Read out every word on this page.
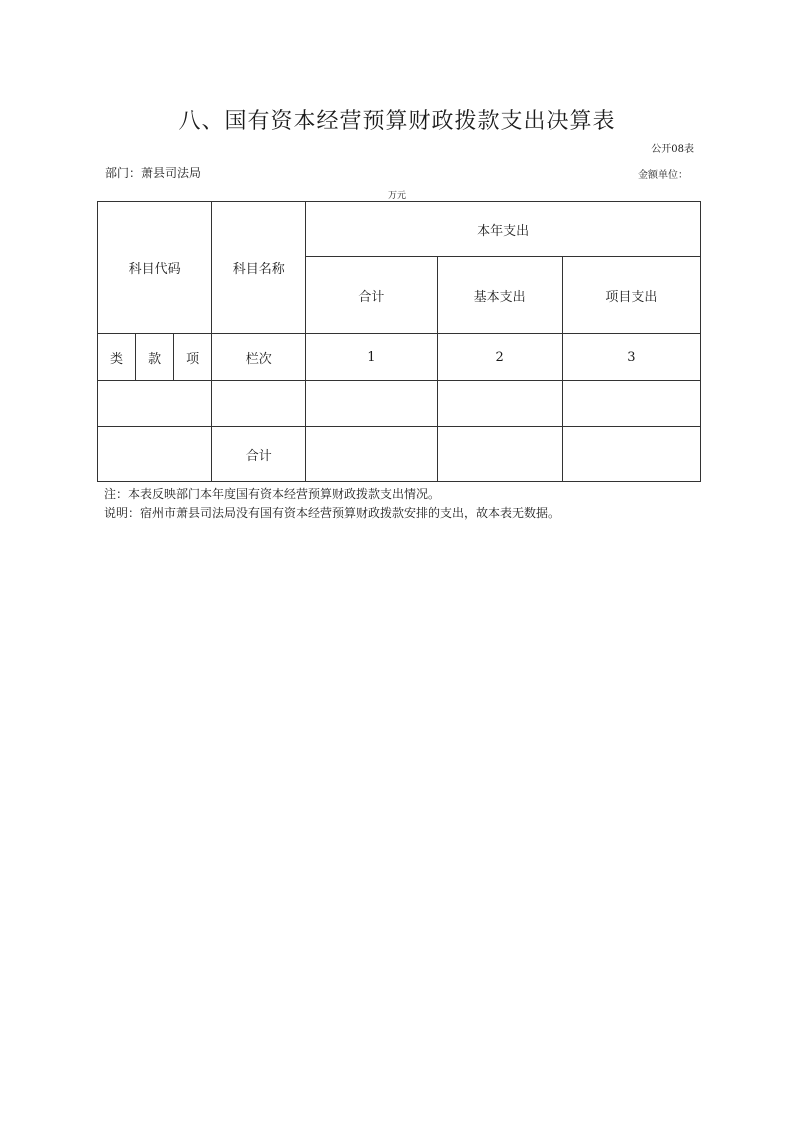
八、国有资本经营预算财政拨款支出决算表
公开08表
部门：萧县司法局	金额单位：
万元
科目代码			科目名称	本年支出		
				合计	基本支出	项目支出
类	款	项	栏次	1	2	3

			合计			
注：本表反映部门本年度国有资本经营预算财政拨款支出情况。
说明：宿州市萧县司法局没有国有资本经营预算财政拨款安排的支出，故本表无数据。
